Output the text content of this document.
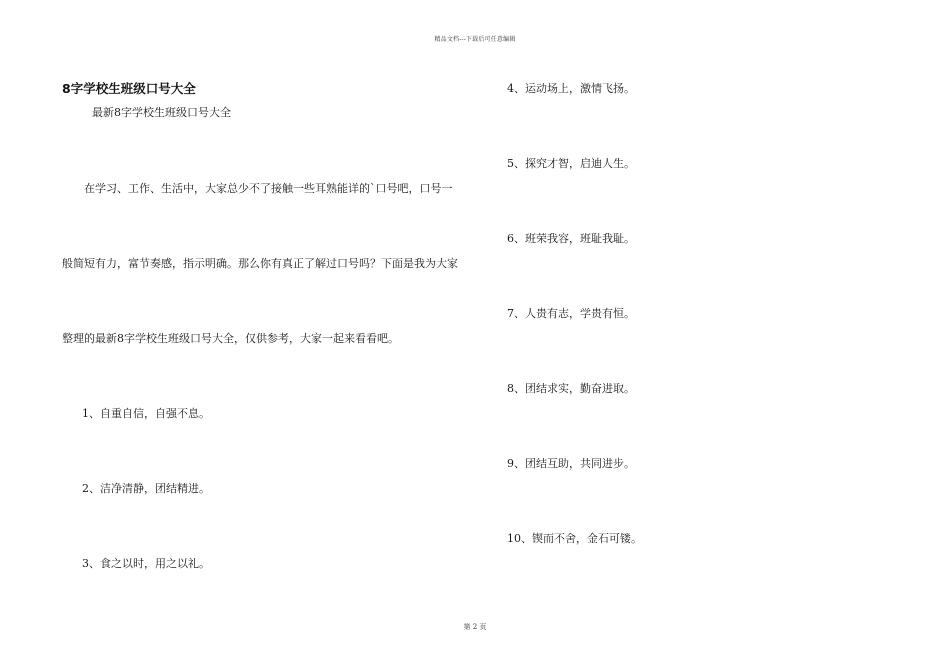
精品文档---下载后可任意编辑
8字学校生班级口号大全
最新8字学校生班级口号大全
在学习、工作、生活中，大家总少不了接触一些耳熟能详的`口号吧，口号一
般简短有力，富节奏感，指示明确。那么你有真正了解过口号吗？下面是我为大家
整理的最新8字学校生班级口号大全，仅供参考，大家一起来看看吧。
1、自重自信，自强不息。
2、洁净清静，团结精进。
3、食之以时，用之以礼。
4、运动场上，激情飞扬。
5、探究才智，启迪人生。
6、班荣我容，班耻我耻。
7、人贵有志，学贵有恒。
8、团结求实，勤奋进取。
9、团结互助，共同进步。
10、锲而不舍，金石可镂。
第 2 页
